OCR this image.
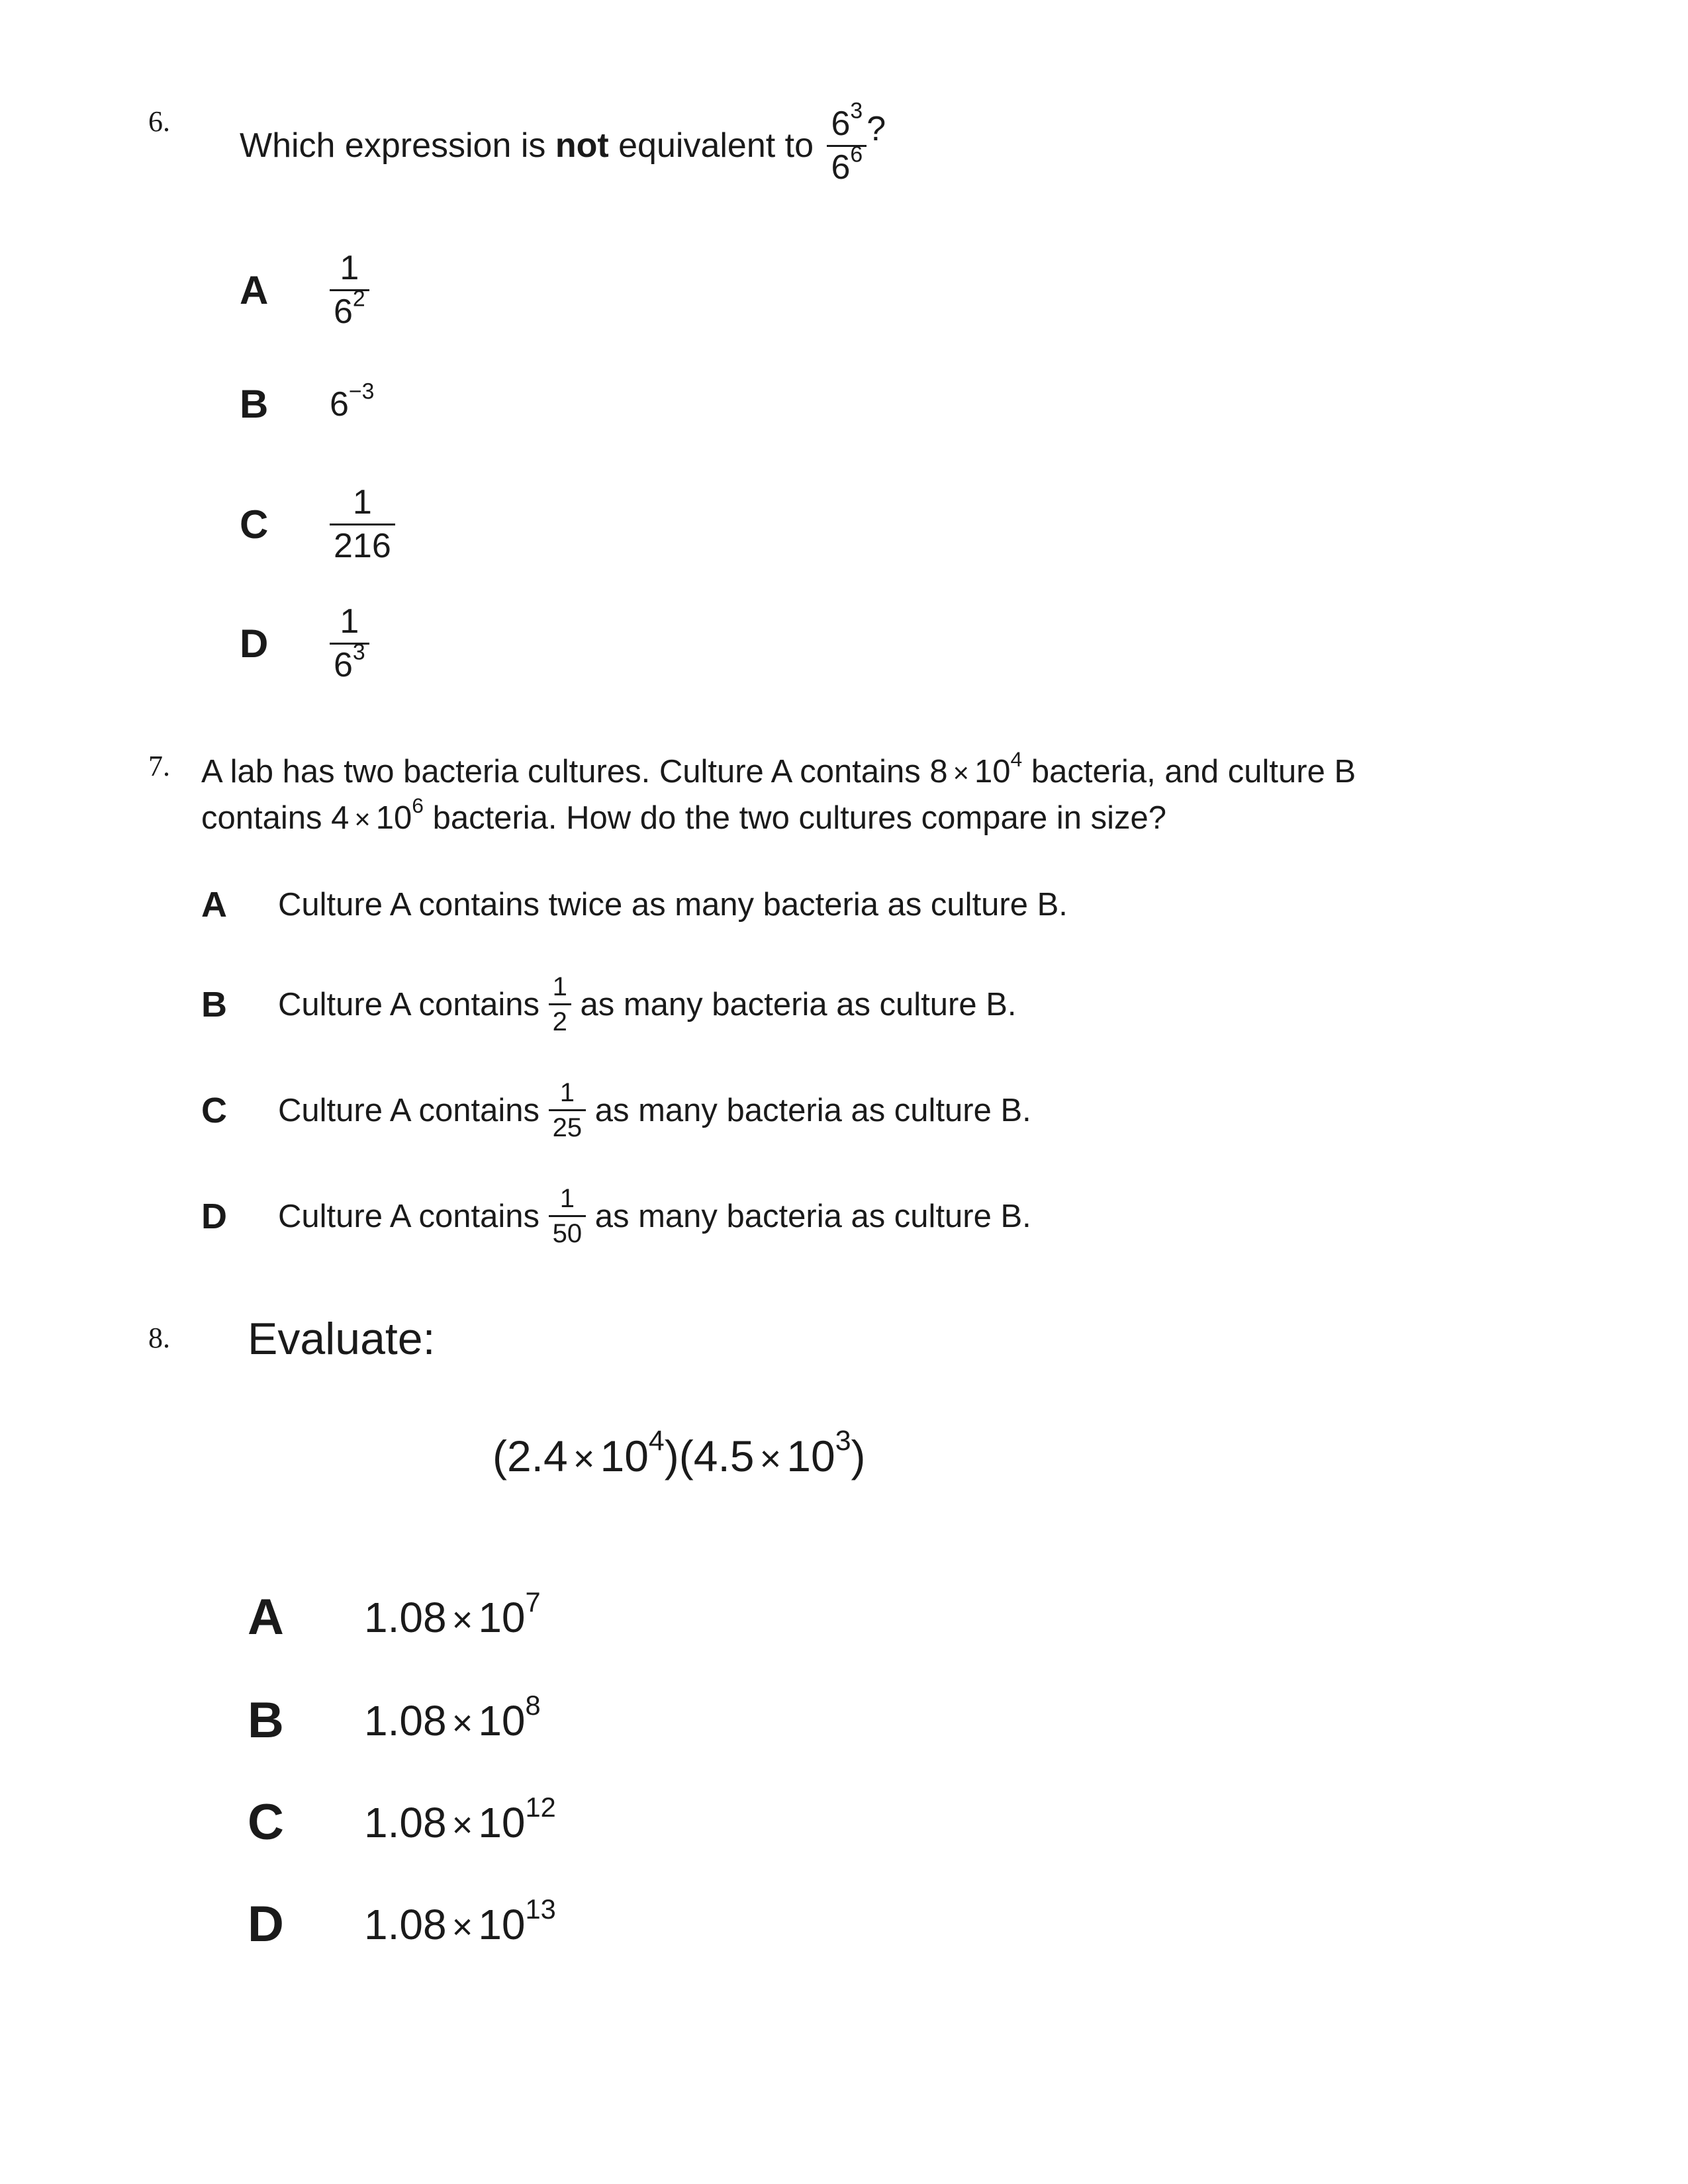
6.
Which expression is not equivalent to $\frac{6^3}{6^6}$ ?
A	$\frac{1}{6^2}$
B	$6^{-3}$
C	$\frac{1}{216}$
D	$\frac{1}{6^3}$
7. A lab has two bacteria cultures. Culture A contains $8 \times 10^4$ bacteria, and culture B
contains $4 \times 10^6$ bacteria. How do the two cultures compare in size?
A	Culture A contains twice as many bacteria as culture B.
B	Culture A contains $\frac{1}{2}$ as many bacteria as culture B.
C	Culture A contains $\frac{1}{25}$ as many bacteria as culture B.
D	Culture A contains $\frac{1}{50}$ as many bacteria as culture B.
8. Evaluate:
$(2.4 \times 10^4)(4.5 \times 10^3)$
A	$1.08 \times 10^7$
B	$1.08 \times 10^8$
C	$1.08 \times 10^{12}$
D	$1.08 \times 10^{13}$
